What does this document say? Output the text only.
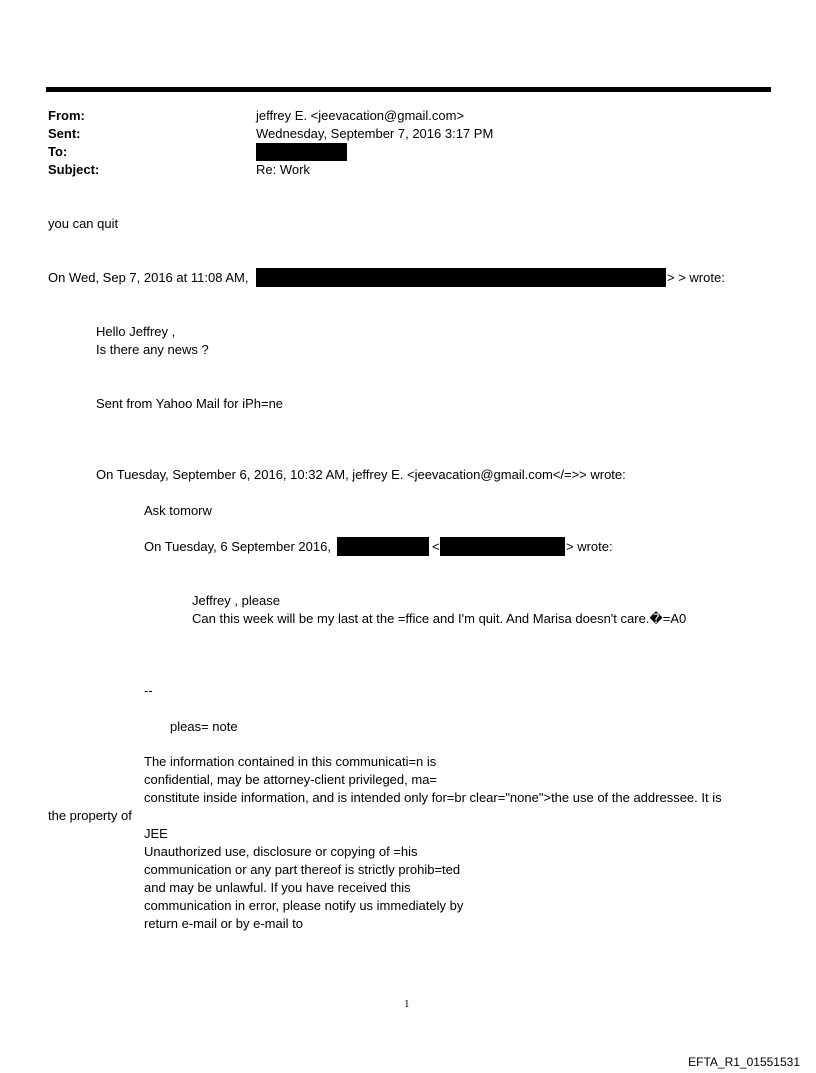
From:	jeffrey E. <jeevacation@gmail.com>
Sent:	Wednesday, September 7, 2016 3:17 PM
To:
Subject:	Re: Work
you can quit
On Wed, Sep 7, 2016 at 11:08 AM,	> > wrote:
Hello Jeffrey ,
Is there any news ?
Sent from Yahoo Mail for iPh=ne
On Tuesday, September 6, 2016, 10:32 AM, jeffrey E. <jeevacation@gmail.com</=>> wrote:
Ask tomorw
On Tuesday, 6 September 2016,	<	> wrote:
Jeffrey , please
Can this week will be my last at the =ffice and I'm quit. And Marisa doesn't care.�=A0
--
pleas= note
The information contained in this communicati=n is
confidential, may be attorney-client privileged, ma=
constitute inside information, and is intended only for=br clear="none">the use of the addressee. It is
the property of
JEE
Unauthorized use, disclosure or copying of =his
communication or any part thereof is strictly prohib=ted
and may be unlawful. If you have received this
communication in error, please notify us immediately by
return e-mail or by e-mail to
1
EFTA_R1_01551531
